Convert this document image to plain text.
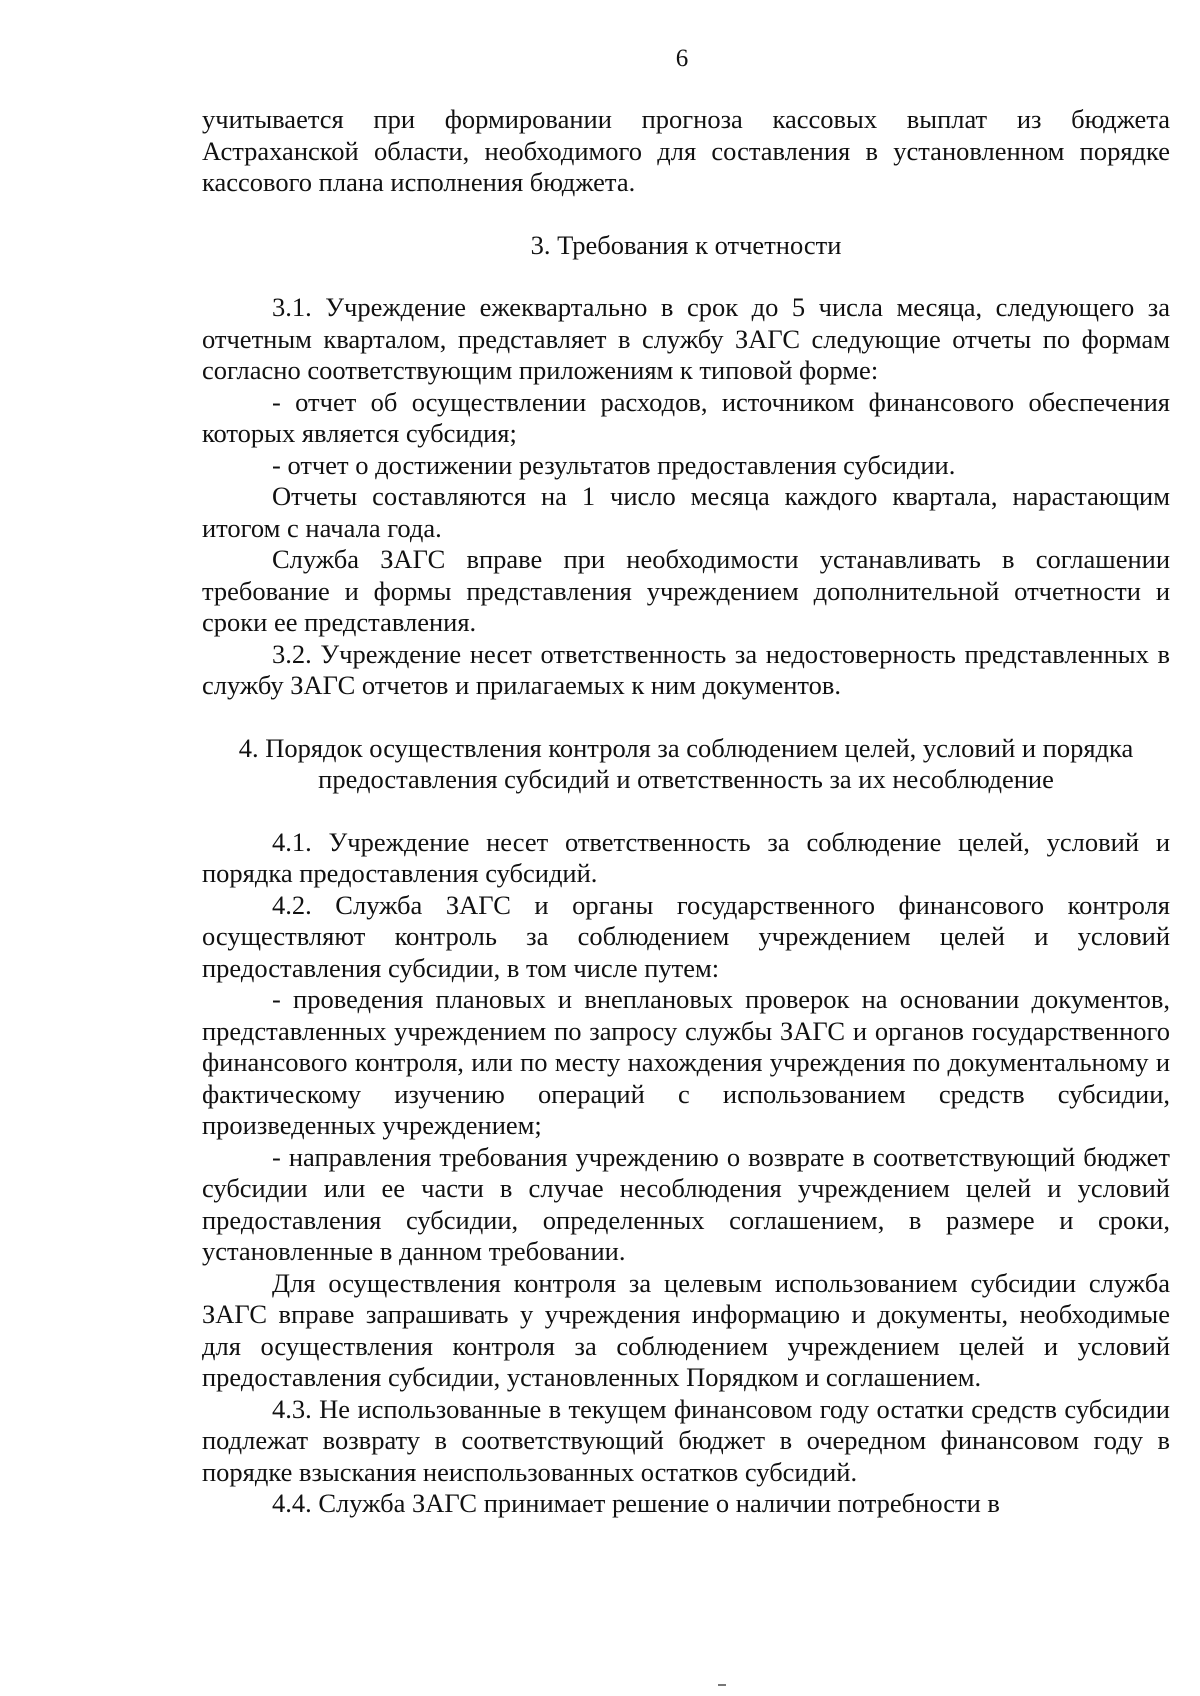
6

учитывается при формировании прогноза кассовых выплат из бюджета Астраханской области, необходимого для составления в установленном порядке кассового плана исполнения бюджета.

3. Требования к отчетности

3.1. Учреждение ежеквартально в срок до 5 числа месяца, следующего за отчетным кварталом, представляет в службу ЗАГС следующие отчеты по формам согласно соответствующим приложениям к типовой форме:

- отчет об осуществлении расходов, источником финансового обеспечения которых является субсидия;

- отчет о достижении результатов предоставления субсидии.

Отчеты составляются на 1 число месяца каждого квартала, нарастающим итогом с начала года.

Служба ЗАГС вправе при необходимости устанавливать в соглашении требование и формы представления учреждением дополнительной отчетности и сроки ее представления.

3.2. Учреждение несет ответственность за недостоверность представленных в службу ЗАГС отчетов и прилагаемых к ним документов.

4. Порядок осуществления контроля за соблюдением целей, условий и порядка предоставления субсидий и ответственность за их несоблюдение

4.1. Учреждение несет ответственность за соблюдение целей, условий и порядка предоставления субсидий.

4.2. Служба ЗАГС и органы государственного финансового контроля осуществляют контроль за соблюдением учреждением целей и условий предоставления субсидии, в том числе путем:

- проведения плановых и внеплановых проверок на основании документов, представленных учреждением по запросу службы ЗАГС и органов государственного финансового контроля, или по месту нахождения учреждения по документальному и фактическому изучению операций с использованием средств субсидии, произведенных учреждением;

- направления требования учреждению о возврате в соответствующий бюджет субсидии или ее части в случае несоблюдения учреждением целей и условий предоставления субсидии, определенных соглашением, в размере и сроки, установленные в данном требовании.

Для осуществления контроля за целевым использованием субсидии служба ЗАГС вправе запрашивать у учреждения информацию и документы, необходимые для осуществления контроля за соблюдением учреждением целей и условий предоставления субсидии, установленных Порядком и соглашением.

4.3. Не использованные в текущем финансовом году остатки средств субсидии подлежат возврату в соответствующий бюджет в очередном финансовом году в порядке взыскания неиспользованных остатков субсидий.

4.4. Служба ЗАГС принимает решение о наличии потребности в
